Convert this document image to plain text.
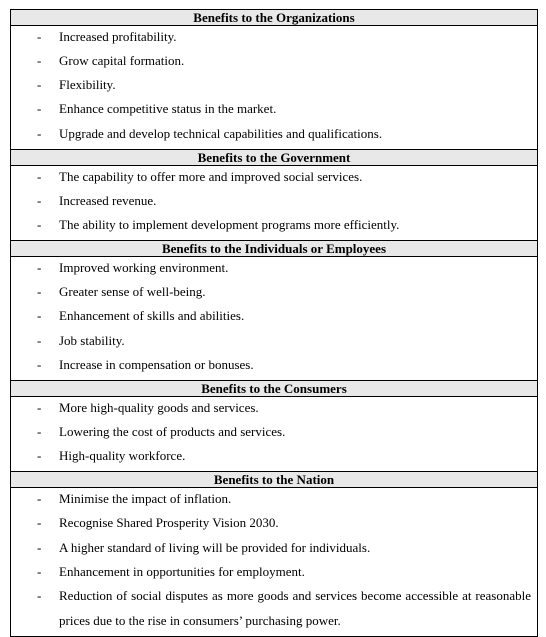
Benefits to the Organizations
- Increased profitability.
- Grow capital formation.
- Flexibility.
- Enhance competitive status in the market.
- Upgrade and develop technical capabilities and qualifications.
Benefits to the Government
- The capability to offer more and improved social services.
- Increased revenue.
- The ability to implement development programs more efficiently.
Benefits to the Individuals or Employees
- Improved working environment.
- Greater sense of well-being.
- Enhancement of skills and abilities.
- Job stability.
- Increase in compensation or bonuses.
Benefits to the Consumers
- More high-quality goods and services.
- Lowering the cost of products and services.
- High-quality workforce.
Benefits to the Nation
- Minimise the impact of inflation.
- Recognise Shared Prosperity Vision 2030.
- A higher standard of living will be provided for individuals.
- Enhancement in opportunities for employment.
- Reduction of social disputes as more goods and services become accessible at reasonable prices due to the rise in consumers’ purchasing power.
